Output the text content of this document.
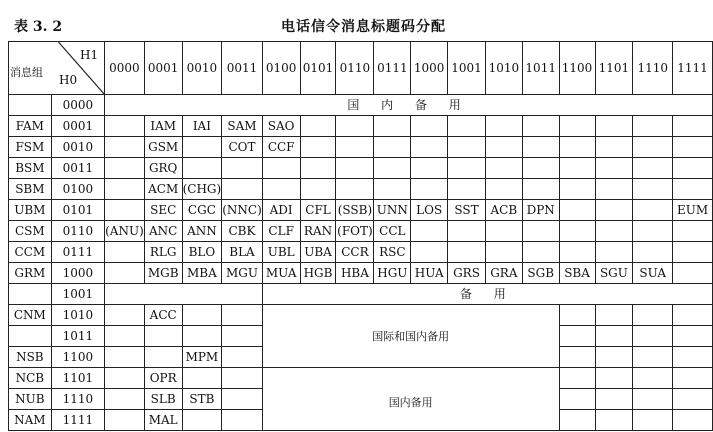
表 3. 2	电话信令消息标题码分配
消息组
H1
H0		0000	0001	0010	0011	0100	0101	0110	0111	1000	1001	1010	1011	1100	1101	1110	1111
	0000	国 内 备 用															
FAM	0001		IAM	IAI	SAM	SAO											
FSM	0010		GSM		COT	CCF											
BSM	0011		GRQ														
SBM	0100		ACM	(CHG)													
UBM	0101		SEC	CGC	(NNC)	ADI	CFL	(SSB)	UNN	LOS	SST	ACB	DPN				EUM
CSM	0110	(ANU)	ANC	ANN	CBK	CLF	RAN	(FOT)	CCL								
CCM	0111		RLG	BLO	BLA	UBL	UBA	CCR	RSC								
GRM	1000		MGB	MBA	MGU	MUA	HGB	HBA	HGU	HUA	GRS	GRA	SGB	SBA	SGU	SUA	
	1001					备 用											
CNM	1010		ACC			国际和国内备用											

	1011																
NSB	1100			MPM													
NCB	1101		OPR			国内备用											

NUB	1110		SLB	STB													
NAM	1111		MAL														
